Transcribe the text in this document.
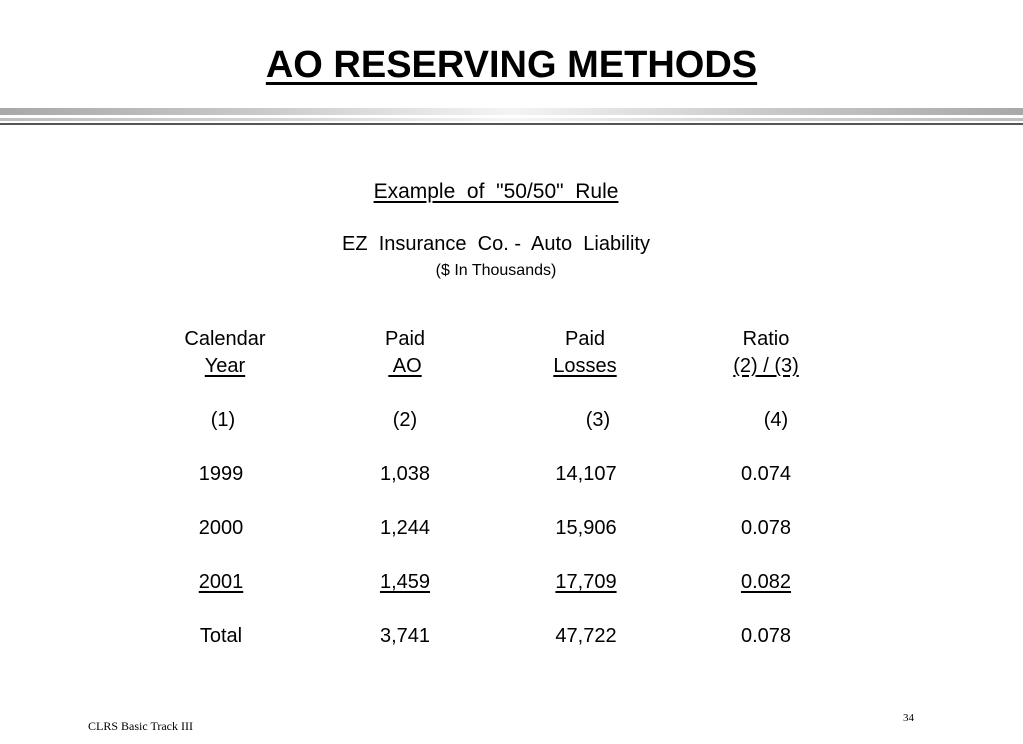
AO RESERVING METHODS
Example  of  "50/50"  Rule
EZ  Insurance  Co. -  Auto  Liability
($ In Thousands)
Calendar	Paid	Paid	Ratio
Year	AO	Losses	(2) / (3)
(1)	(2)	(3)	(4)
1999	1,038	14,107	0.074
2000	1,244	15,906	0.078
2001	1,459	17,709	0.082
Total	3,741	47,722	0.078
CLRS Basic Track III
34
